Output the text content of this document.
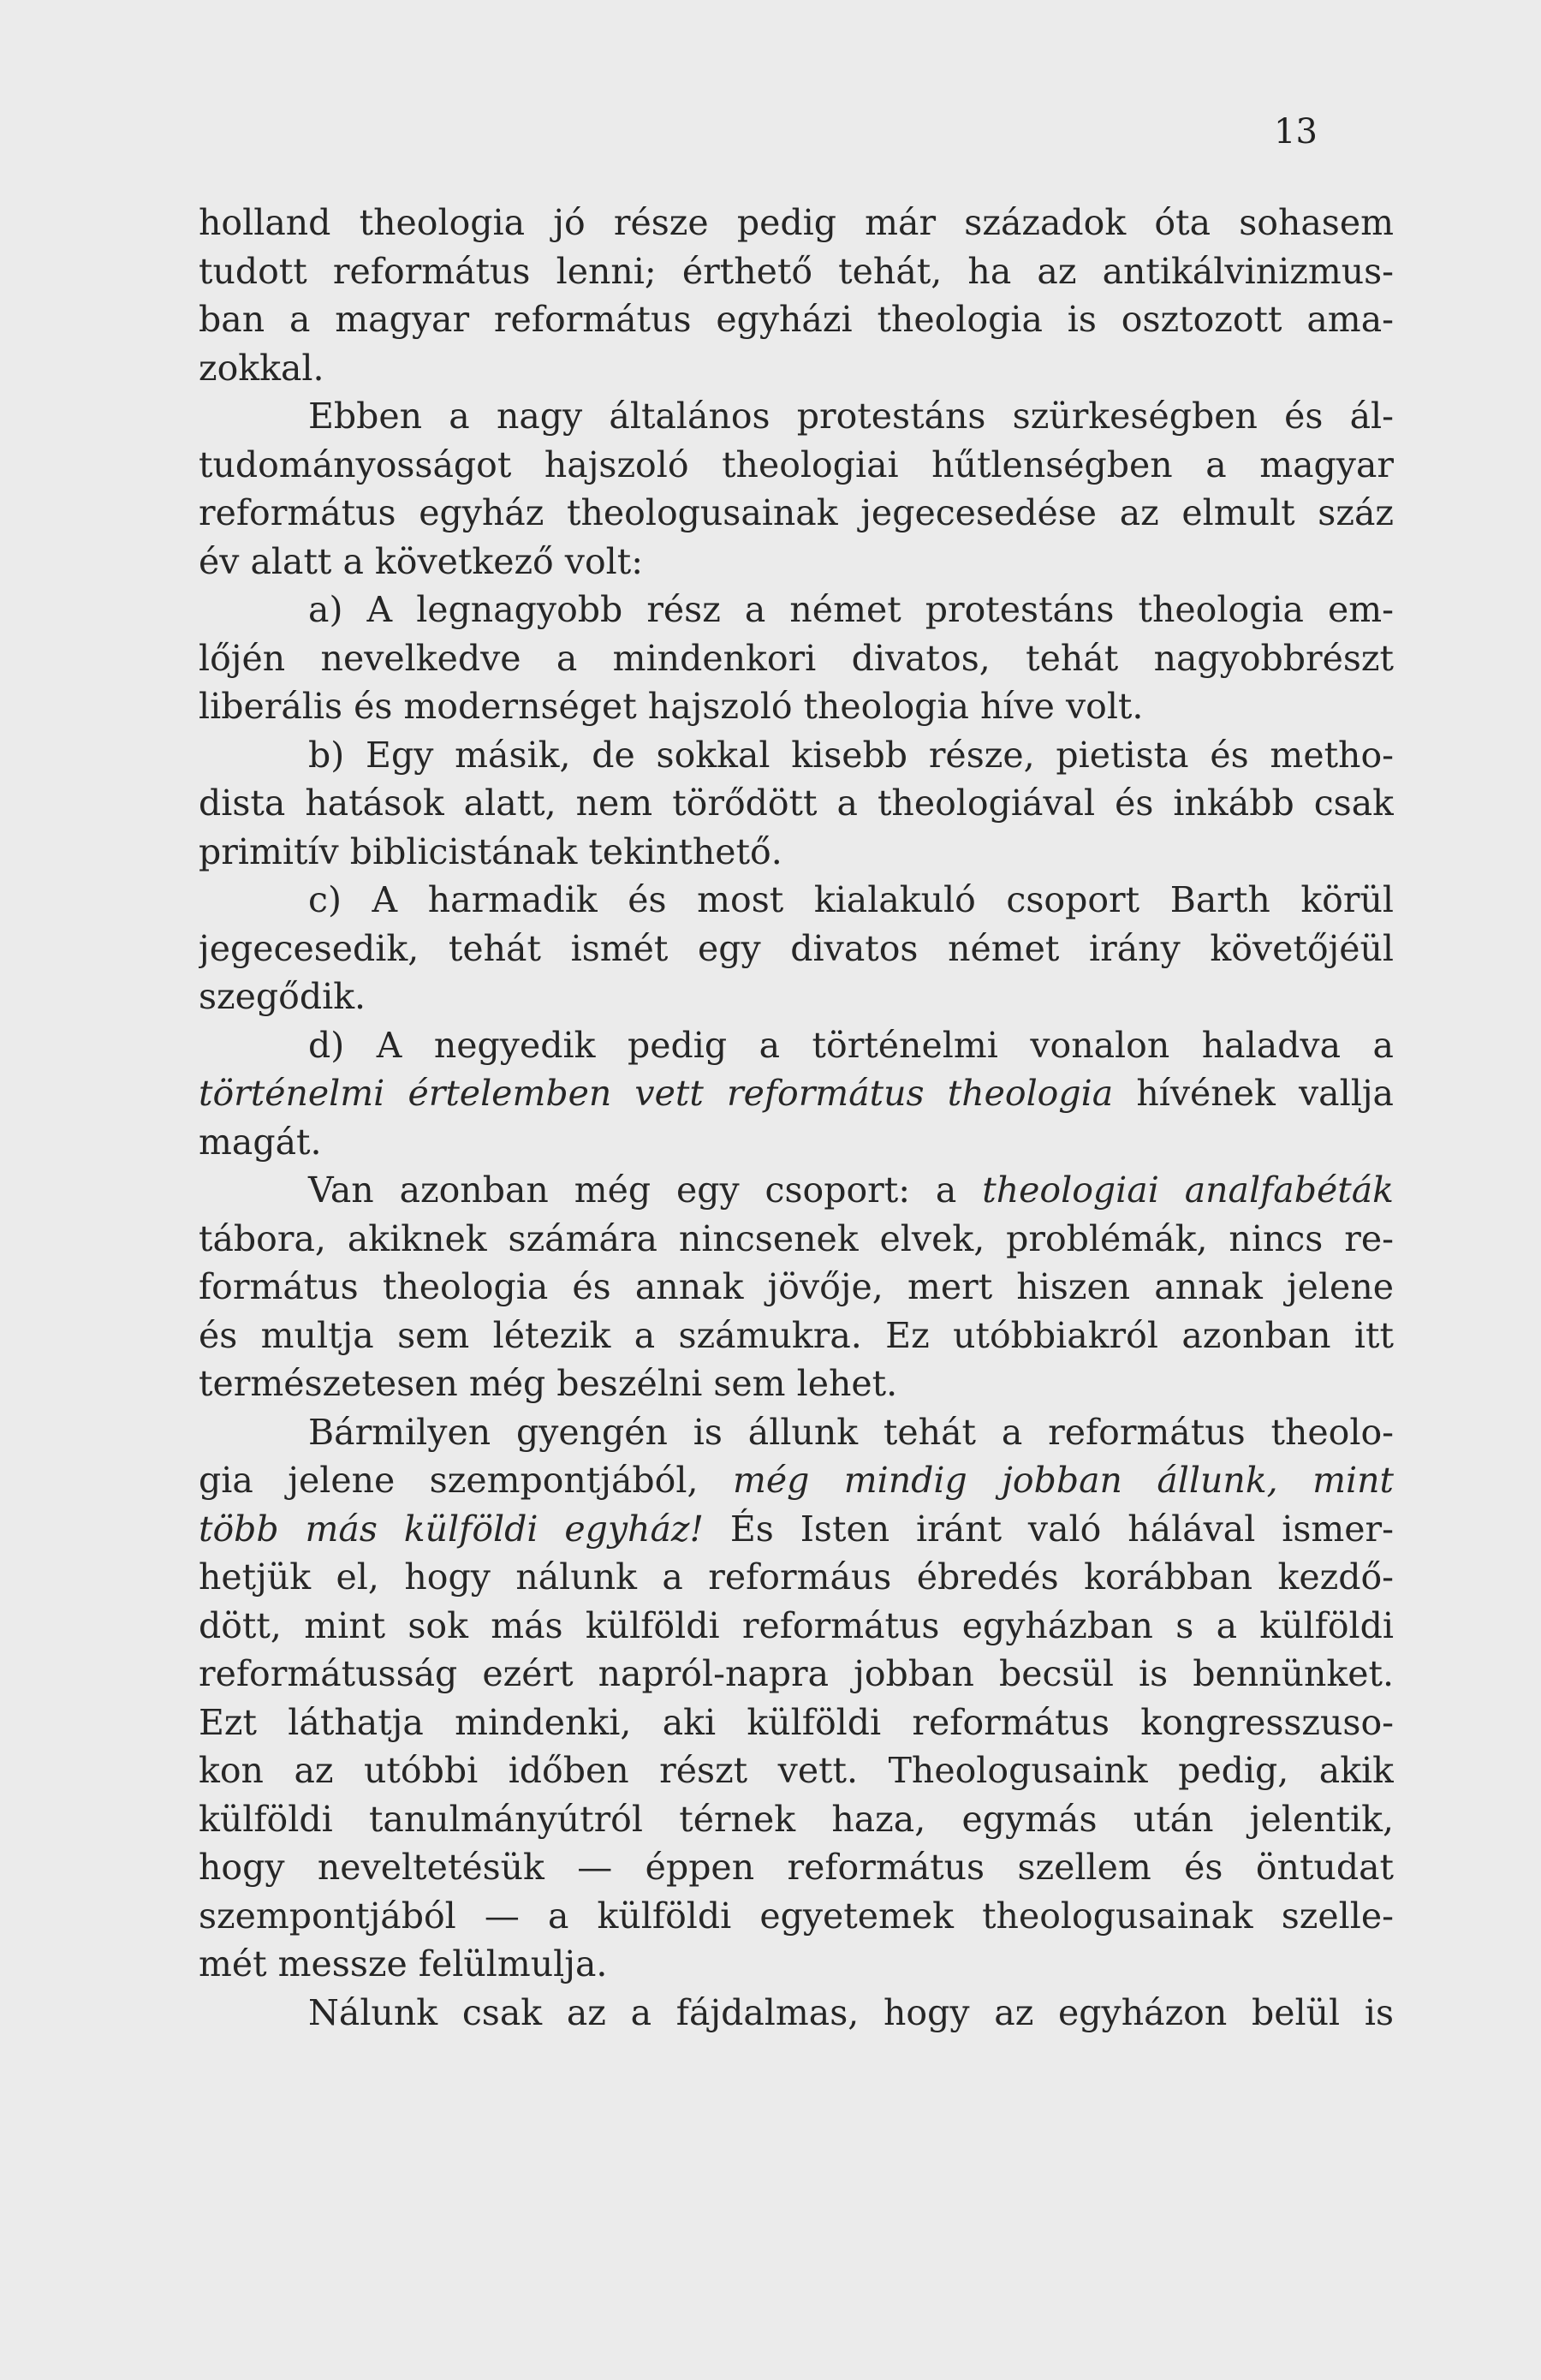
13
holland theologia jó része pedig már századok óta sohasem
tudott református lenni; érthető tehát, ha az antikálvinizmus-
ban a magyar református egyházi theologia is osztozott ama-
zokkal.
Ebben a nagy általános protestáns szürkeségben és ál-
tudományosságot hajszoló theologiai hűtlenségben a magyar
református egyház theologusainak jegecesedése az elmult száz
év alatt a következő volt:
a) A legnagyobb rész a német protestáns theologia em-
lőjén nevelkedve a mindenkori divatos, tehát nagyobbrészt
liberális és modernséget hajszoló theologia híve volt.
b) Egy másik, de sokkal kisebb része, pietista és metho-
dista hatások alatt, nem törődött a theologiával és inkább csak
primitív biblicistának tekinthető.
c) A harmadik és most kialakuló csoport Barth körül
jegecesedik, tehát ismét egy divatos német irány követőjéül
szegődik.
d) A negyedik pedig a történelmi vonalon haladva a
történelmi értelemben vett református theologia hívének vallja
magát.
Van azonban még egy csoport: a theologiai analfabéták
tábora, akiknek számára nincsenek elvek, problémák, nincs re-
formátus theologia és annak jövője, mert hiszen annak jelene
és multja sem létezik a számukra. Ez utóbbiakról azonban itt
természetesen még beszélni sem lehet.
Bármilyen gyengén is állunk tehát a református theolo-
gia jelene szempontjából, még mindig jobban állunk, mint
több más külföldi egyház! És Isten iránt való hálával ismer-
hetjük el, hogy nálunk a reformáus ébredés korábban kezdő-
dött, mint sok más külföldi református egyházban s a külföldi
reformátusság ezért napról-napra jobban becsül is bennünket.
Ezt láthatja mindenki, aki külföldi református kongresszuso-
kon az utóbbi időben részt vett. Theologusaink pedig, akik
külföldi tanulmányútról térnek haza, egymás után jelentik,
hogy neveltetésük — éppen református szellem és öntudat
szempontjából — a külföldi egyetemek theologusainak szelle-
mét messze felülmulja.
Nálunk csak az a fájdalmas, hogy az egyházon belül is
